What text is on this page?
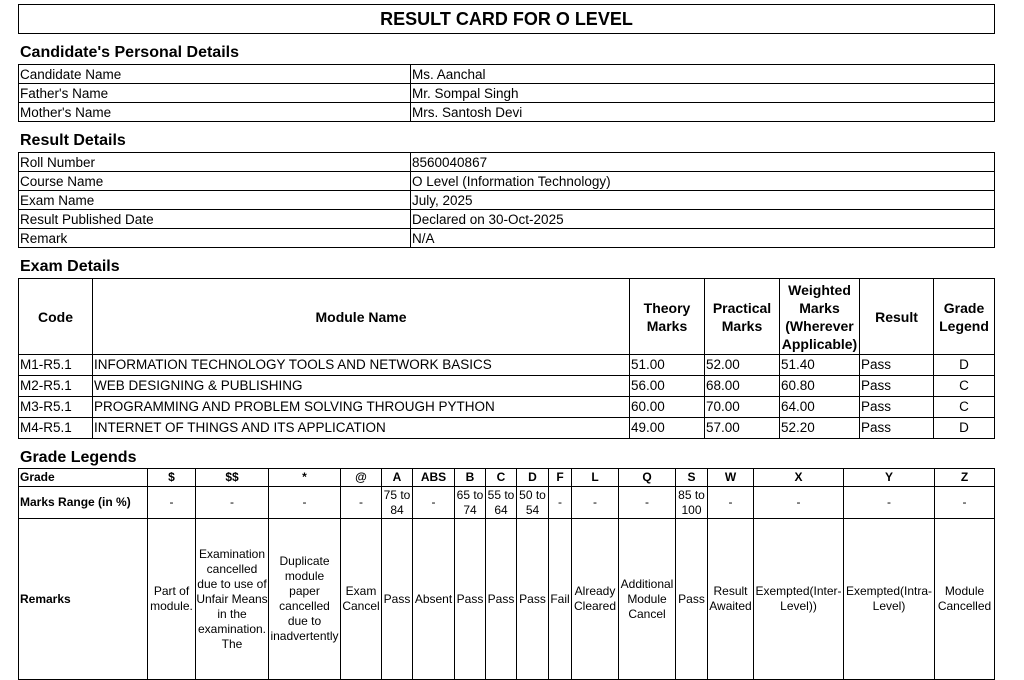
RESULT CARD FOR O LEVEL
Candidate's Personal Details
Candidate Name	Ms. Aanchal
Father's Name	Mr. Sompal Singh
Mother's Name	Mrs. Santosh Devi
Result Details
Roll Number	8560040867
Course Name	O Level (Information Technology)
Exam Name	July, 2025
Result Published Date	Declared on 30-Oct-2025
Remark	N/A
Exam Details
Code	Module Name	Theory Marks	Practical Marks	Weighted Marks (Wherever Applicable)	Result	Grade Legend
M1-R5.1	INFORMATION TECHNOLOGY TOOLS AND NETWORK BASICS	51.00	52.00	51.40	Pass	D
M2-R5.1	WEB DESIGNING & PUBLISHING	56.00	68.00	60.80	Pass	C
M3-R5.1	PROGRAMMING AND PROBLEM SOLVING THROUGH PYTHON	60.00	70.00	64.00	Pass	C
M4-R5.1	INTERNET OF THINGS AND ITS APPLICATION	49.00	57.00	52.20	Pass	D
Grade Legends
Grade	$	$$	*	@	A	ABS	B	C	D	F	L	Q	S	W	X	Y	Z
Marks Range (in %)	-	-	-	-	75 to 84	-	65 to 74	55 to 64	50 to 54	-	-	-	85 to 100	-	-	-	-

Remarks	Part of module.	Examination cancelled due to use of Unfair Means in the examination. The	Duplicate module paper cancelled due to inadvertently	Exam Cancel	Pass	Absent	Pass	Pass	Pass	Fail	Already Cleared	Additional Module Cancel	Pass	Result Awaited	Exempted(Inter-Level))	Exempted(Intra-Level)	Module Cancelled
